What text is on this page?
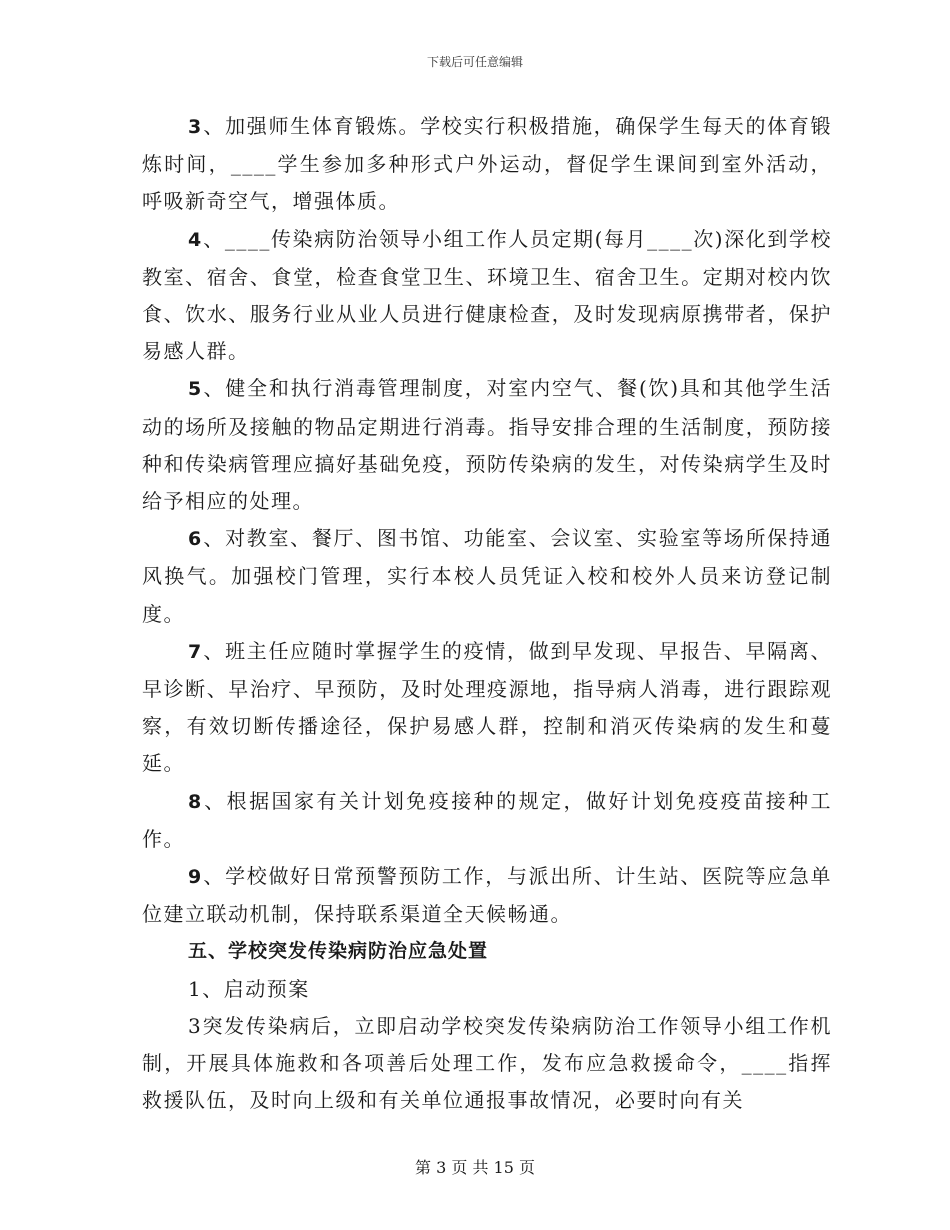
下载后可任意编辑

3 、加强师生体育锻炼。学校实行积极措施，确保学生每天的体育锻炼时间，____学生参加多种形式户外运动，督促学生课间到室外活动，呼吸新奇空气，增强体质。

4 、____传染病防治领导小组工作人员定期(每月____次)深化到学校教室、宿舍、食堂，检查食堂卫生、环境卫生、宿舍卫生。定期对校内饮食、饮水、服务行业从业人员进行健康检查，及时发现病原携带者，保护易感人群。

5 、健全和执行消毒管理制度，对室内空气、餐(饮)具和其他学生活动的场所及接触的物品定期进行消毒。指导安排合理的生活制度，预防接种和传染病管理应搞好基础免疫，预防传染病的发生，对传染病学生及时给予相应的处理。

6 、对教室、餐厅、图书馆、功能室、会议室、实验室等场所保持通风换气。加强校门管理，实行本校人员凭证入校和校外人员来访登记制度。

7 、班主任应随时掌握学生的疫情，做到早发现、早报告、早隔离、早诊断、早治疗、早预防，及时处理疫源地，指导病人消毒，进行跟踪观察，有效切断传播途径，保护易感人群，控制和消灭传染病的发生和蔓延。

8 、根据国家有关计划免疫接种的规定，做好计划免疫疫苗接种工作。

9 、学校做好日常预警预防工作，与派出所、计生站、医院等应急单位建立联动机制，保持联系渠道全天候畅通。

五、学校突发传染病防治应急处置

1、启动预案

3突发传染病后，立即启动学校突发传染病防治工作领导小组工作机制，开展具体施救和各项善后处理工作，发布应急救援命令，____指挥救援队伍，及时向上级和有关单位通报事故情况，必要时向有关

第 3 页 共 15 页
